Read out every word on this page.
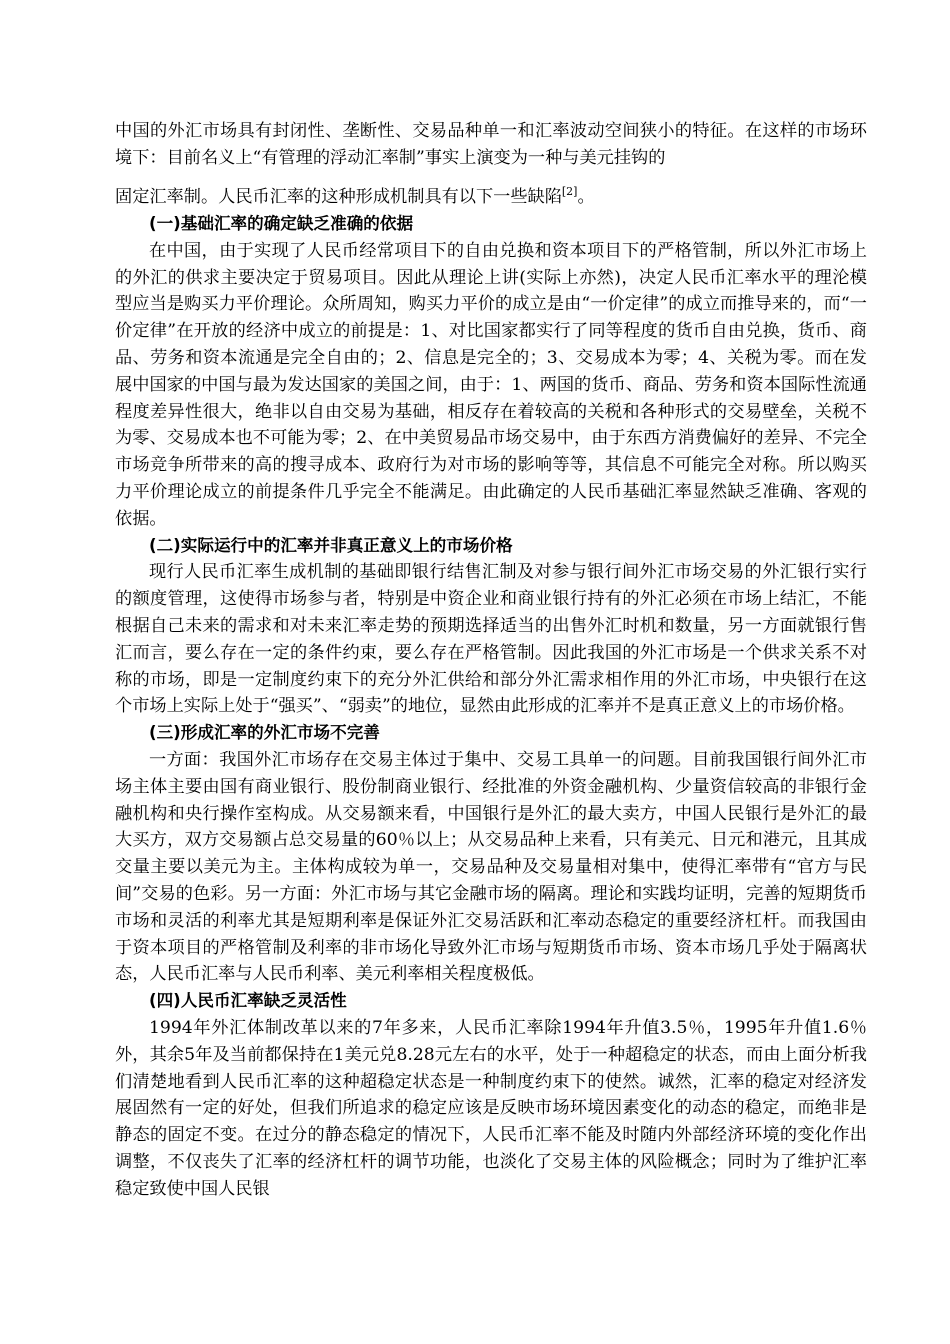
中国的外汇市场具有封闭性、垄断性、交易品种单一和汇率波动空间狭小的特征。在这样的市场环境下：目前名义上“有管理的浮动汇率制”事实上演变为一种与美元挂钩的
固定汇率制。人民币汇率的这种形成机制具有以下一些缺陷[2]。

(一)基础汇率的确定缺乏准确的依据

在中国，由于实现了人民币经常项目下的自由兑换和资本项目下的严格管制，所以外汇市场上的外汇的供求主要决定于贸易项目。因此从理论上讲(实际上亦然)，决定人民币汇率水平的理沦模型应当是购买力平价理论。众所周知，购买力平价的成立是由“一价定律”的成立而推导来的，而“一价定律”在开放的经济中成立的前提是：1、对比国家都实行了同等程度的货币自由兑换，货币、商品、劳务和资本流通是完全自由的；2、信息是完全的；3、交易成本为零；4、关税为零。而在发展中国家的中国与最为发达国家的美国之间，由于：1、两国的货币、商品、劳务和资本国际性流通程度差异性很大，绝非以自由交易为基础，相反存在着较高的关税和各种形式的交易壁垒，关税不为零、交易成本也不可能为零；2、在中美贸易品市场交易中，由于东西方消费偏好的差异、不完全市场竞争所带来的高的搜寻成本、政府行为对市场的影响等等，其信息不可能完全对称。所以购买力平价理论成立的前提条件几乎完全不能满足。由此确定的人民币基础汇率显然缺乏准确、客观的依据。

(二)实际运行中的汇率并非真正意义上的市场价格

现行人民币汇率生成机制的基础即银行结售汇制及对参与银行间外汇市场交易的外汇银行实行的额度管理，这使得市场参与者，特别是中资企业和商业银行持有的外汇必须在市场上结汇，不能根据自己未来的需求和对未来汇率走势的预期选择适当的出售外汇时机和数量，另一方面就银行售汇而言，要么存在一定的条件约束，要么存在严格管制。因此我国的外汇市场是一个供求关系不对称的市场，即是一定制度约束下的充分外汇供给和部分外汇需求相作用的外汇市场，中央银行在这个市场上实际上处于“强买”、“弱卖”的地位，显然由此形成的汇率并不是真正意义上的市场价格。

(三)形成汇率的外汇市场不完善

一方面：我国外汇市场存在交易主体过于集中、交易工具单一的问题。目前我国银行间外汇市场主体主要由国有商业银行、股份制商业银行、经批准的外资金融机构、少量资信较高的非银行金融机构和央行操作室构成。从交易额来看，中国银行是外汇的最大卖方，中国人民银行是外汇的最大买方，双方交易额占总交易量的60％以上；从交易品种上来看，只有美元、日元和港元，且其成交量主要以美元为主。主体构成较为单一，交易品种及交易量相对集中，使得汇率带有“官方与民间”交易的色彩。另一方面：外汇市场与其它金融市场的隔离。理论和实践均证明，完善的短期货币市场和灵活的利率尤其是短期利率是保证外汇交易活跃和汇率动态稳定的重要经济杠杆。而我国由于资本项目的严格管制及利率的非市场化导致外汇市场与短期货币市场、资本市场几乎处于隔离状态，人民币汇率与人民币利率、美元利率相关程度极低。

(四)人民币汇率缺乏灵活性

1994年外汇体制改革以来的7年多来，人民币汇率除1994年升值3.5％，1995年升值1.6％外，其余5年及当前都保持在1美元兑8.28元左右的水平，处于一种超稳定的状态，而由上面分析我们清楚地看到人民币汇率的这种超稳定状态是一种制度约束下的使然。诚然，汇率的稳定对经济发展固然有一定的好处，但我们所追求的稳定应该是反映市场环境因素变化的动态的稳定，而绝非是静态的固定不变。在过分的静态稳定的情况下，人民币汇率不能及时随内外部经济环境的变化作出调整，不仅丧失了汇率的经济杠杆的调节功能，也淡化了交易主体的风险概念；同时为了维护汇率稳定致使中国人民银
